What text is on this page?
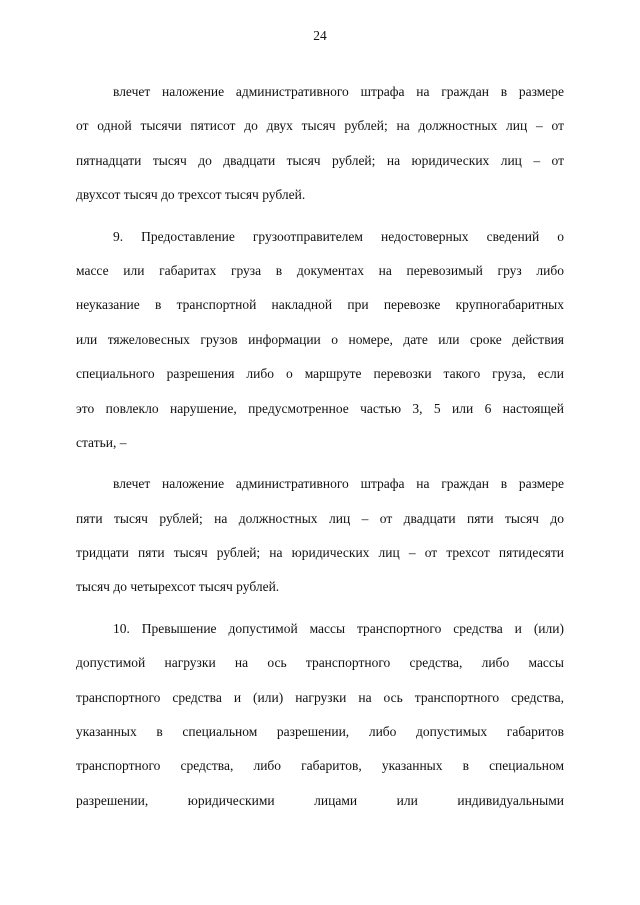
24
влечет наложение административного штрафа на граждан в размере
от одной тысячи пятисот до двух тысяч рублей; на должностных лиц – от
пятнадцати тысяч до двадцати тысяч рублей; на юридических лиц – от
двухсот тысяч до трехсот тысяч рублей.
9. Предоставление грузоотправителем недостоверных сведений о
массе или габаритах груза в документах на перевозимый груз либо
неуказание в транспортной накладной при перевозке крупногабаритных
или тяжеловесных грузов информации о номере, дате или сроке действия
специального разрешения либо о маршруте перевозки такого груза, если
это повлекло нарушение, предусмотренное частью 3, 5 или 6 настоящей
статьи, –
влечет наложение административного штрафа на граждан в размере
пяти тысяч рублей; на должностных лиц – от двадцати пяти тысяч до
тридцати пяти тысяч рублей; на юридических лиц – от трехсот пятидесяти
тысяч до четырехсот тысяч рублей.
10. Превышение допустимой массы транспортного средства и (или)
допустимой нагрузки на ось транспортного средства, либо массы
транспортного средства и (или) нагрузки на ось транспортного средства,
указанных в специальном разрешении, либо допустимых габаритов
транспортного средства, либо габаритов, указанных в специальном
разрешении, юридическими лицами или индивидуальными
